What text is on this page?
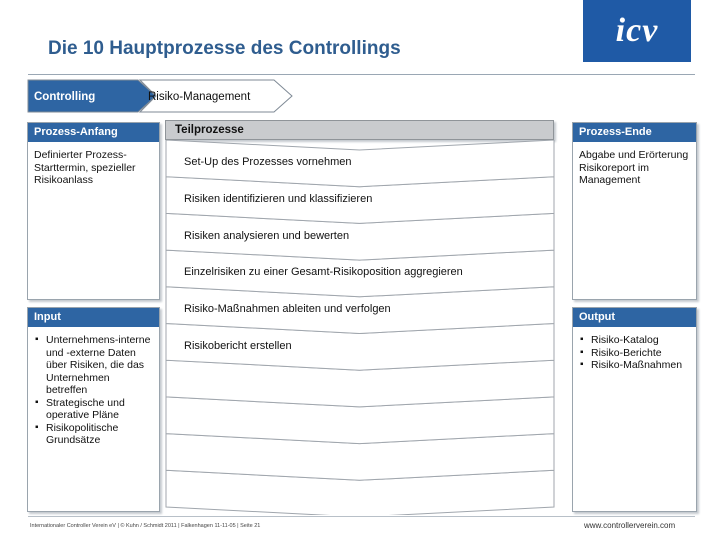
Die 10 Hauptprozesse des Controllings	icv
Controlling	Risiko-Management
Prozess-Anfang
Definierter Prozess-Starttermin, spezieller Risikoanlass
Input
▪ Unternehmens-interne und -externe Daten über Risiken, die das Unternehmen betreffen
▪ Strategische und operative Pläne
▪ Risikopolitische Grundsätze
Prozess-Ende
Abgabe und Erörterung Risikoreport im Management
Output
▪ Risiko-Katalog
▪ Risiko-Berichte
▪ Risiko-Maßnahmen
Teilprozesse
Set-Up des Prozesses vornehmen
Risiken identifizieren und klassifizieren
Risiken analysieren und bewerten
Einzelrisiken zu einer Gesamt-Risikoposition aggregieren
Risiko-Maßnahmen ableiten und verfolgen
Risikobericht erstellen
Internationaler Controller Verein eV | © Kuhn / Schmidt 2011 | Falkenhagen 11-11-05 | Seite 21	www.controllerverein.com
